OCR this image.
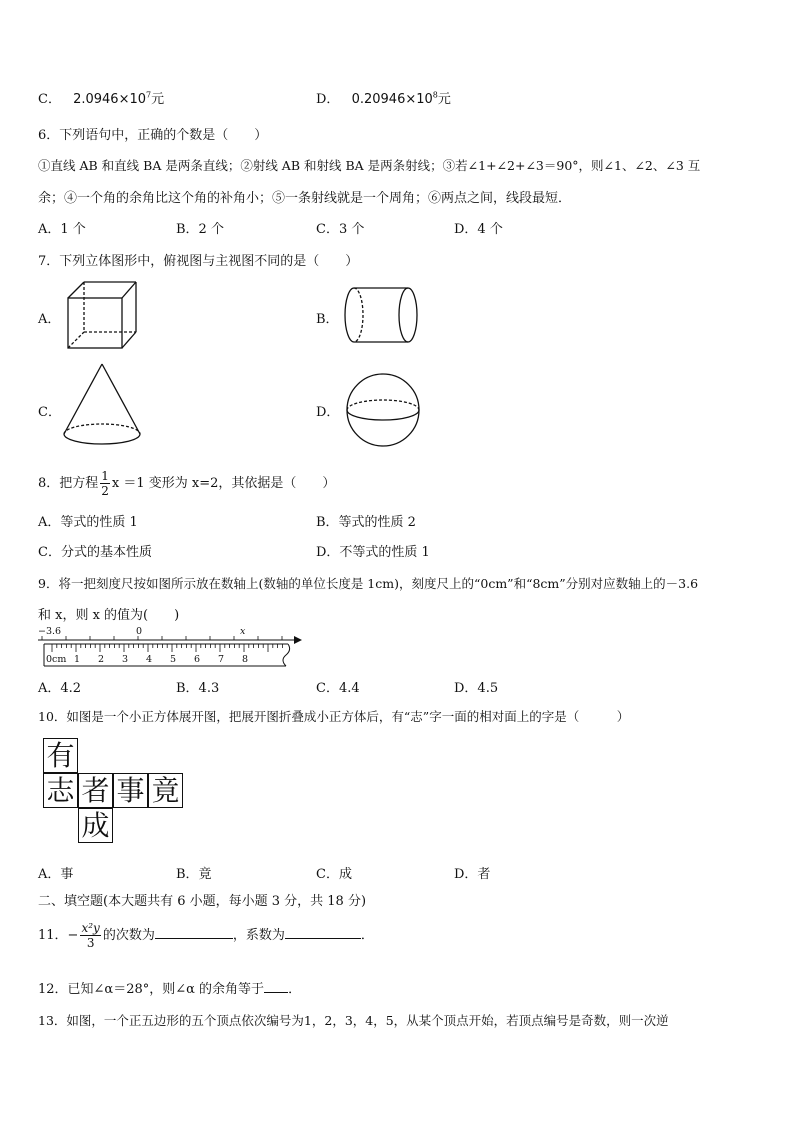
C． $2.0946\times 10^7$元	D． $0.20946\times 10^8$元
6．下列语句中，正确的个数是（　　）
①直线 AB 和直线 BA 是两条直线；②射线 AB 和射线 BA 是两条射线；③若∠1+∠2+∠3＝90°，则∠1、∠2、∠3 互
余；④一个角的余角比这个角的补角小；⑤一条射线就是一个周角；⑥两点之间，线段最短．
A．1 个	B．2 个	C．3 个	D．4 个
7．下列立体图形中，俯视图与主视图不同的是（　　）
A．	B．
C．	D．
8．把方程 $\frac{1}{2}$ x ＝1 变形为 x=2，其依据是（　　）
A．等式的性质 1	B．等式的性质 2
C．分式的基本性质	D．不等式的性质 1
9．将一把刻度尺按如图所示放在数轴上(数轴的单位长度是 1cm)，刻度尺上的“0cm”和“8cm”分别对应数轴上的－3.6
和 x，则 x 的值为(　　)
−3.6	0	x
0cm 1 2 3 4 5 6 7 8
A．4.2	B．4.3	C．4.4	D．4.5
10．如图是一个小正方体展开图，把展开图折叠成小正方体后，有“志”字一面的相对面上的字是（　　　）
有
志 者 事 竟
成
A．事	B．竟	C．成	D．者
二、填空题(本大题共有 6 小题，每小题 3 分，共 18 分)
11．− $\frac{\text{x²y}}{3}$ 的次数为	，系数为	．
12．已知∠α＝28°，则∠α 的余角等于 ．
13．如图，一个正五边形的五个顶点依次编号为1，2，3，4，5，从某个顶点开始，若顶点编号是奇数，则一次逆
